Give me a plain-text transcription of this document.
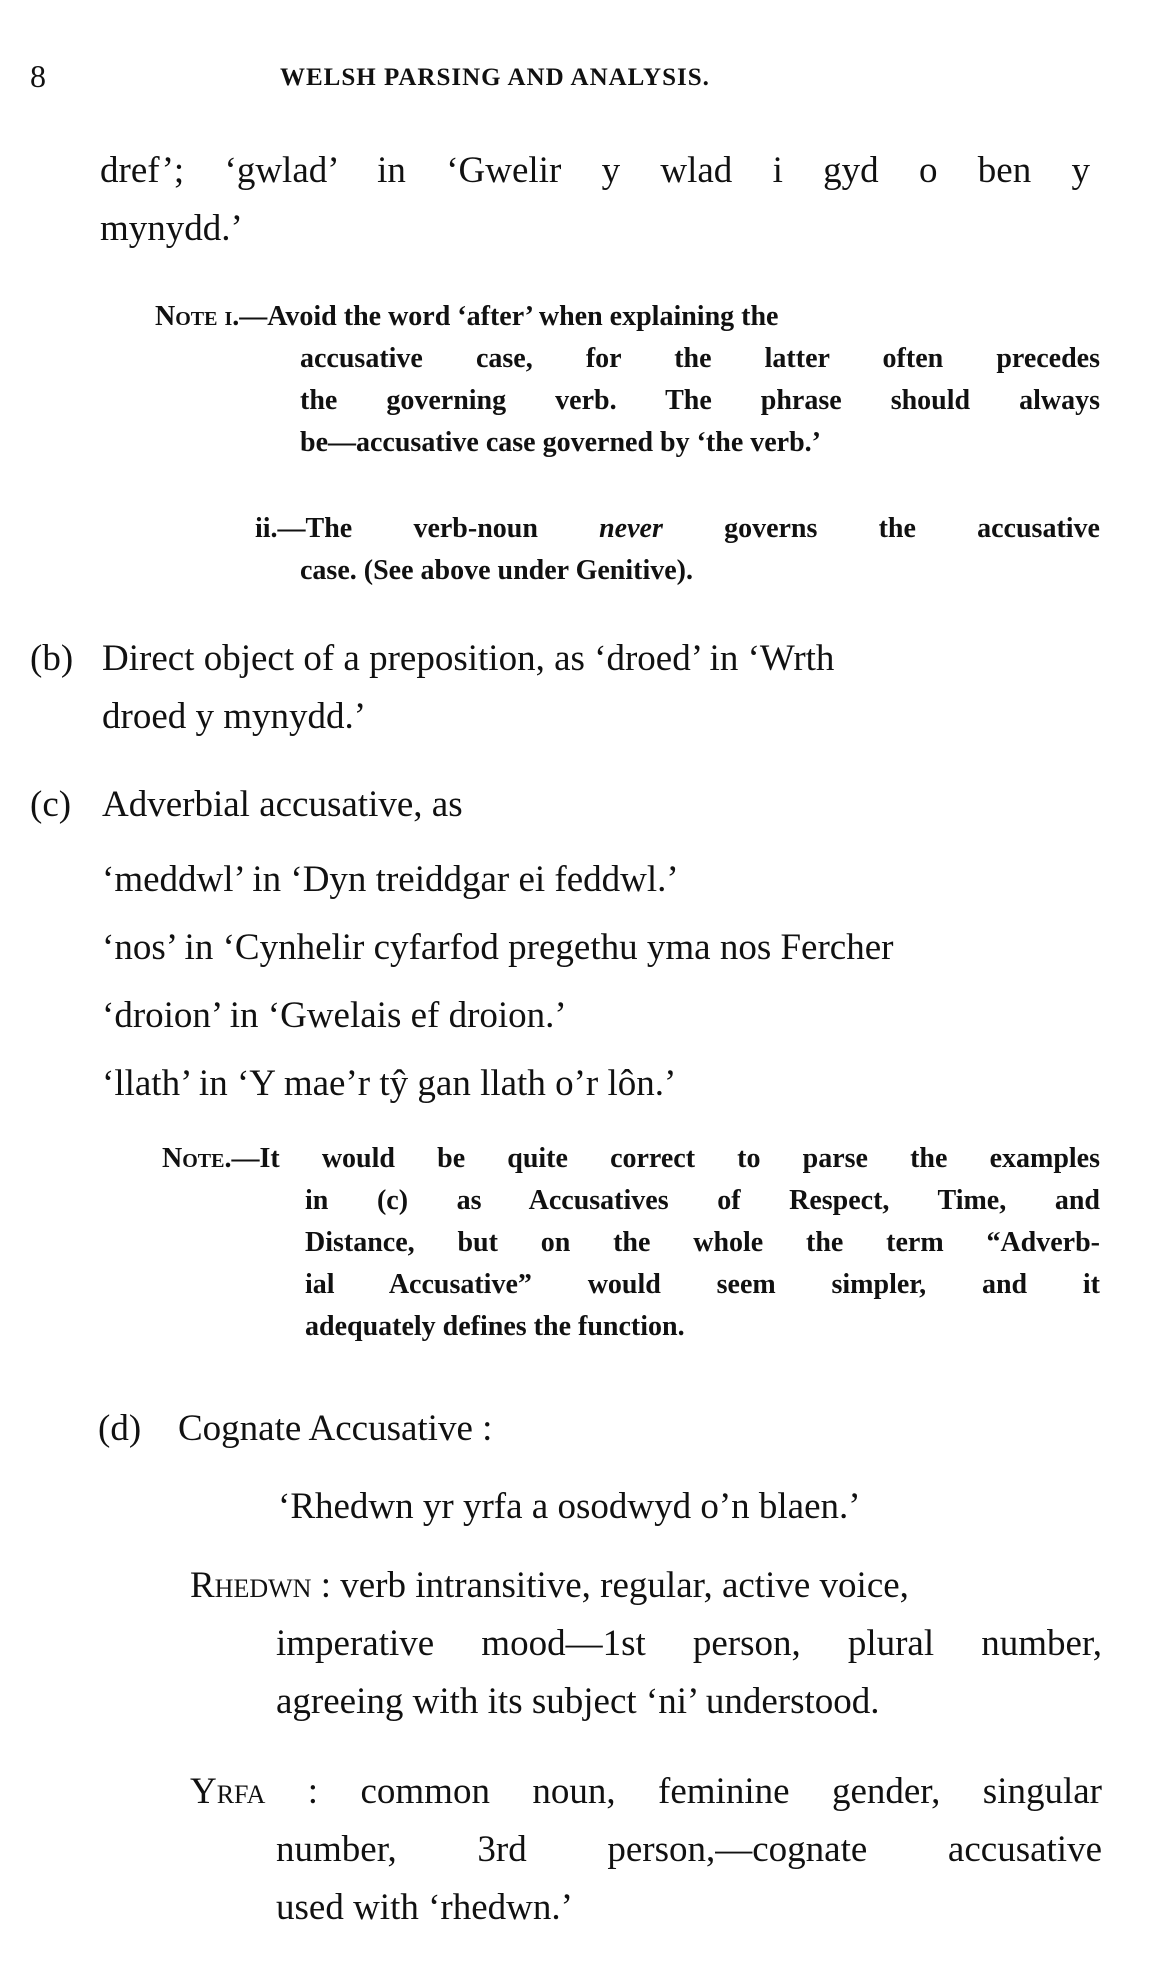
8	WELSH PARSING AND ANALYSIS.
dref’; ‘gwlad’ in ‘Gwelir y wlad i gyd o ben y
mynydd.’
Note i.—Avoid the word ‘after’ when explaining the
accusative case, for the latter often precedes
the governing verb. The phrase should always
be—accusative case governed by ‘the verb.’
ii.—The verb-noun never governs the accusative
case. (See above under Genitive).
(b) Direct object of a preposition, as ‘droed’ in ‘Wrth
droed y mynydd.’
(c) Adverbial accusative, as
‘meddwl’ in ‘Dyn treiddgar ei feddwl.’
‘nos’ in ‘Cynhelir cyfarfod pregethu yma nos Fercher
‘droion’ in ‘Gwelais ef droion.’
‘llath’ in ‘Y mae’r tŷ gan llath o’r lôn.’
Note.—It would be quite correct to parse the examples
in (c) as Accusatives of Respect, Time, and
Distance, but on the whole the term “Adverb-
ial Accusative” would seem simpler, and it
adequately defines the function.
(d) Cognate Accusative :
‘Rhedwn yr yrfa a osodwyd o’n blaen.’
Rhedwn : verb intransitive, regular, active voice,
imperative mood—1st person, plural number,
agreeing with its subject ‘ni’ understood.
Yrfa : common noun, feminine gender, singular
number, 3rd person,—cognate accusative
used with ‘rhedwn.’
